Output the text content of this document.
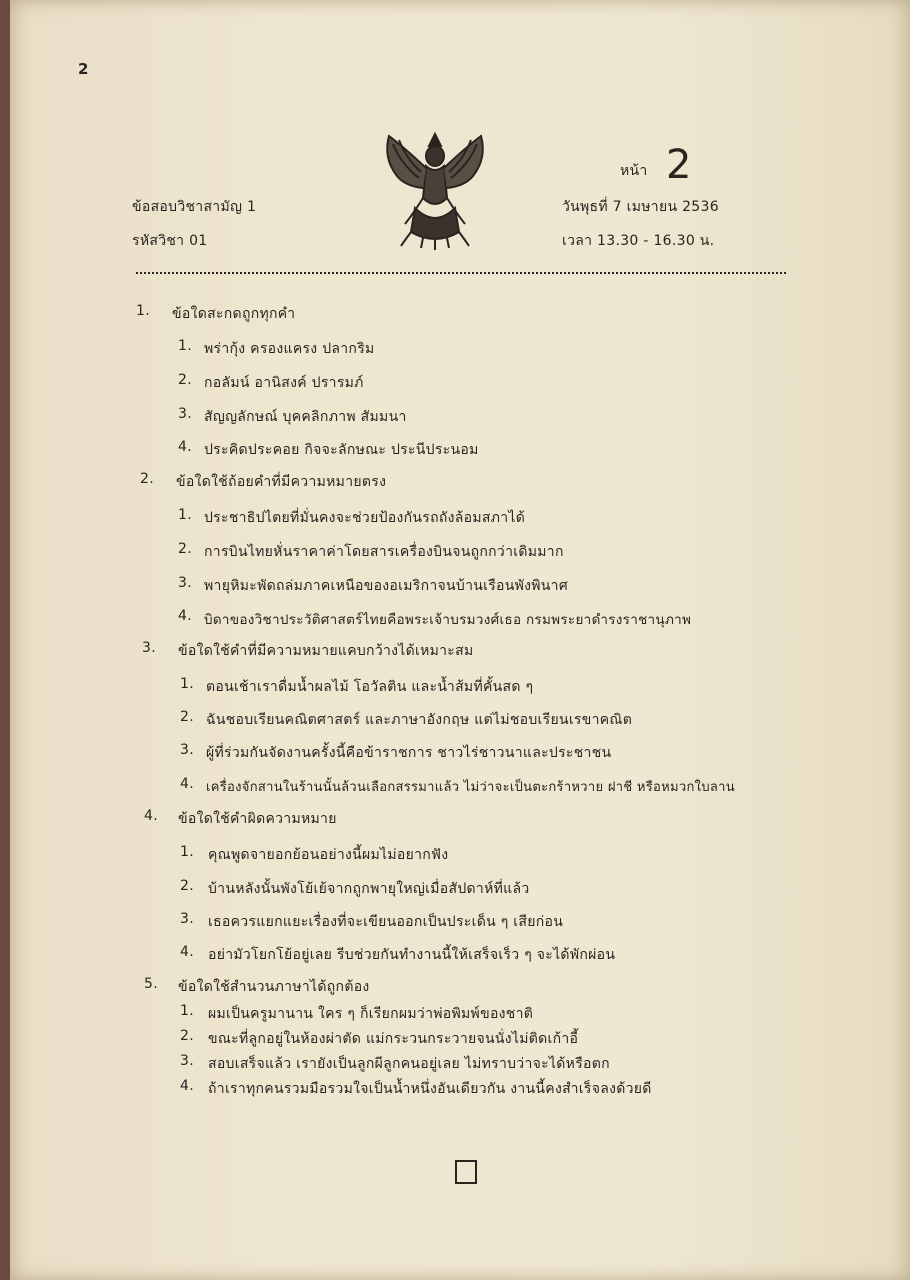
2
ข้อสอบวิชาสามัญ 1
รหัสวิชา 01
หน้า 2
วันพุธที่ 7 เมษายน 2536
เวลา 13.30 - 16.30 น.
1. ข้อใดสะกดถูกทุกคำ
1. พร่ากุ้ง ครองแครง ปลากริม
2. กอลัมน์ อานิสงค์ ปรารมภ์
3. สัญญลักษณ์ บุคคลิกภาพ สัมมนา
4. ประคิดประคอย กิจจะลักษณะ ประนีประนอม
2. ข้อใดใช้ถ้อยคำที่มีความหมายตรง
1. ประชาธิปไตยที่มั่นคงจะช่วยป้องกันรถถังล้อมสภาได้
2. การบินไทยหั่นราคาค่าโดยสารเครื่องบินจนถูกกว่าเดิมมาก
3. พายุหิมะพัดถล่มภาคเหนือของอเมริกาจนบ้านเรือนพังพินาศ
4. บิดาของวิชาประวัติศาสตร์ไทยคือพระเจ้าบรมวงศ์เธอ กรมพระยาดำรงราชานุภาพ
3. ข้อใดใช้คำที่มีความหมายแคบกว้างได้เหมาะสม
1. ตอนเช้าเราดื่มน้ำผลไม้ โอวัลติน และน้ำส้มที่คั้นสด ๆ
2. ฉันชอบเรียนคณิตศาสตร์ และภาษาอังกฤษ แต่ไม่ชอบเรียนเรขาคณิต
3. ผู้ที่ร่วมกันจัดงานครั้งนี้คือข้าราชการ ชาวไร่ชาวนาและประชาชน
4. เครื่องจักสานในร้านนั้นล้วนเลือกสรรมาแล้ว ไม่ว่าจะเป็นตะกร้าหวาย ฝาชี หรือหมวกใบลาน
4. ข้อใดใช้คำผิดความหมาย
1. คุณพูดจายอกย้อนอย่างนี้ผมไม่อยากฟัง
2. บ้านหลังนั้นพังโย้เย้จากถูกพายุใหญ่เมื่อสัปดาห์ที่แล้ว
3. เธอควรแยกแยะเรื่องที่จะเขียนออกเป็นประเด็น ๆ เสียก่อน
4. อย่ามัวโยกโย้อยู่เลย รีบช่วยกันทำงานนี้ให้เสร็จเร็ว ๆ จะได้พักผ่อน
5. ข้อใดใช้สำนวนภาษาได้ถูกต้อง
1. ผมเป็นครูมานาน ใคร ๆ ก็เรียกผมว่าพ่อพิมพ์ของชาติ
2. ขณะที่ลูกอยู่ในห้องผ่าตัด แม่กระวนกระวายจนนั่งไม่ติดเก้าอี้
3. สอบเสร็จแล้ว เรายังเป็นลูกผีลูกคนอยู่เลย ไม่ทราบว่าจะได้หรือตก
4. ถ้าเราทุกคนรวมมือรวมใจเป็นน้ำหนึ่งอันเดียวกัน งานนี้คงสำเร็จลงด้วยดี
